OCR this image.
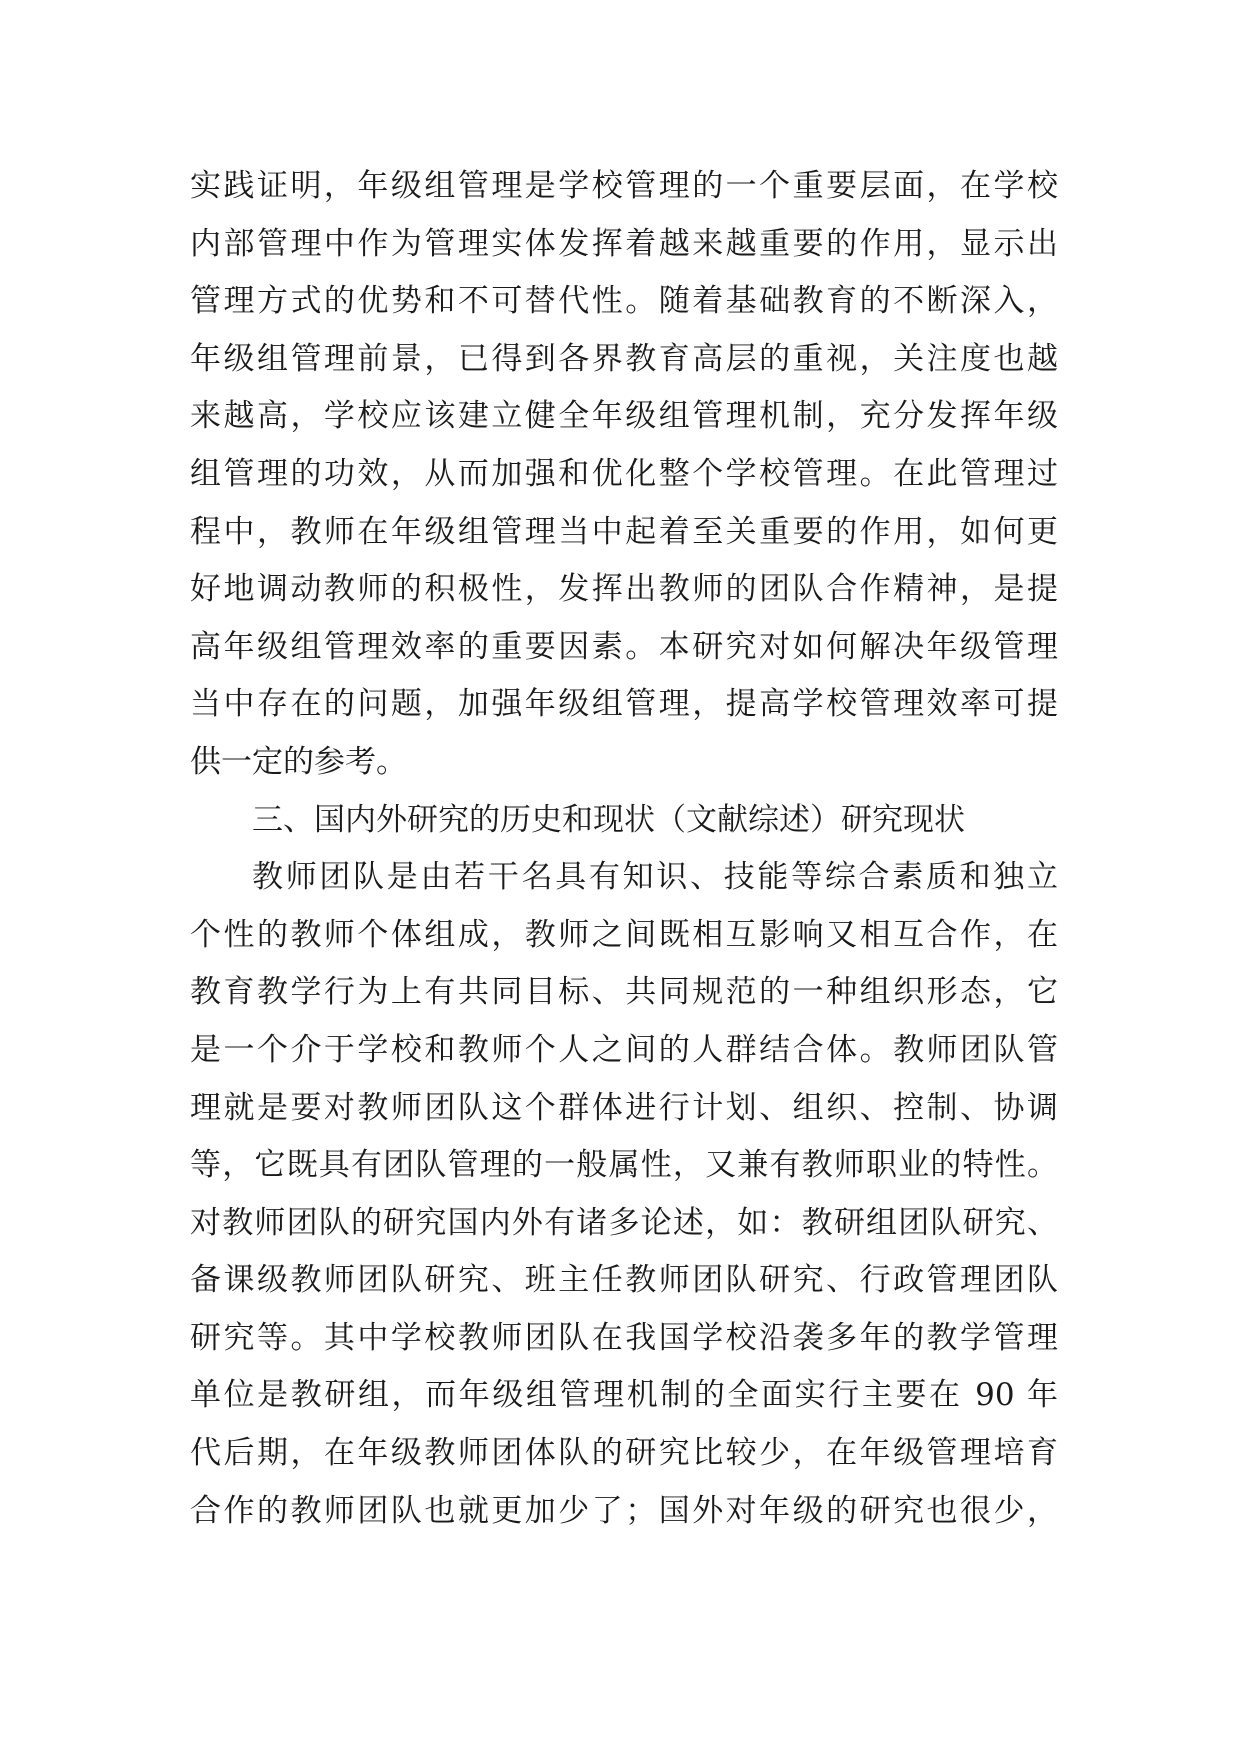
实践证明，年级组管理是学校管理的一个重要层面，在学校
内部管理中作为管理实体发挥着越来越重要的作用，显示出
管理方式的优势和不可替代性。随着基础教育的不断深入，
年级组管理前景，已得到各界教育高层的重视，关注度也越
来越高，学校应该建立健全年级组管理机制，充分发挥年级
组管理的功效，从而加强和优化整个学校管理。在此管理过
程中，教师在年级组管理当中起着至关重要的作用，如何更
好地调动教师的积极性，发挥出教师的团队合作精神，是提
高年级组管理效率的重要因素。本研究对如何解决年级管理
当中存在的问题，加强年级组管理，提高学校管理效率可提
供一定的参考。
三、国内外研究的历史和现状（文献综述）研究现状
教师团队是由若干名具有知识、技能等综合素质和独立
个性的教师个体组成，教师之间既相互影响又相互合作，在
教育教学行为上有共同目标、共同规范的一种组织形态，它
是一个介于学校和教师个人之间的人群结合体。教师团队管
理就是要对教师团队这个群体进行计划、组织、控制、协调
等，它既具有团队管理的一般属性，又兼有教师职业的特性。
对教师团队的研究国内外有诸多论述，如：教研组团队研究、
备课级教师团队研究、班主任教师团队研究、行政管理团队
研究等。其中学校教师团队在我国学校沿袭多年的教学管理
单位是教研组，而年级组管理机制的全面实行主要在 90 年
代后期，在年级教师团体队的研究比较少，在年级管理培育
合作的教师团队也就更加少了；国外对年级的研究也很少，
